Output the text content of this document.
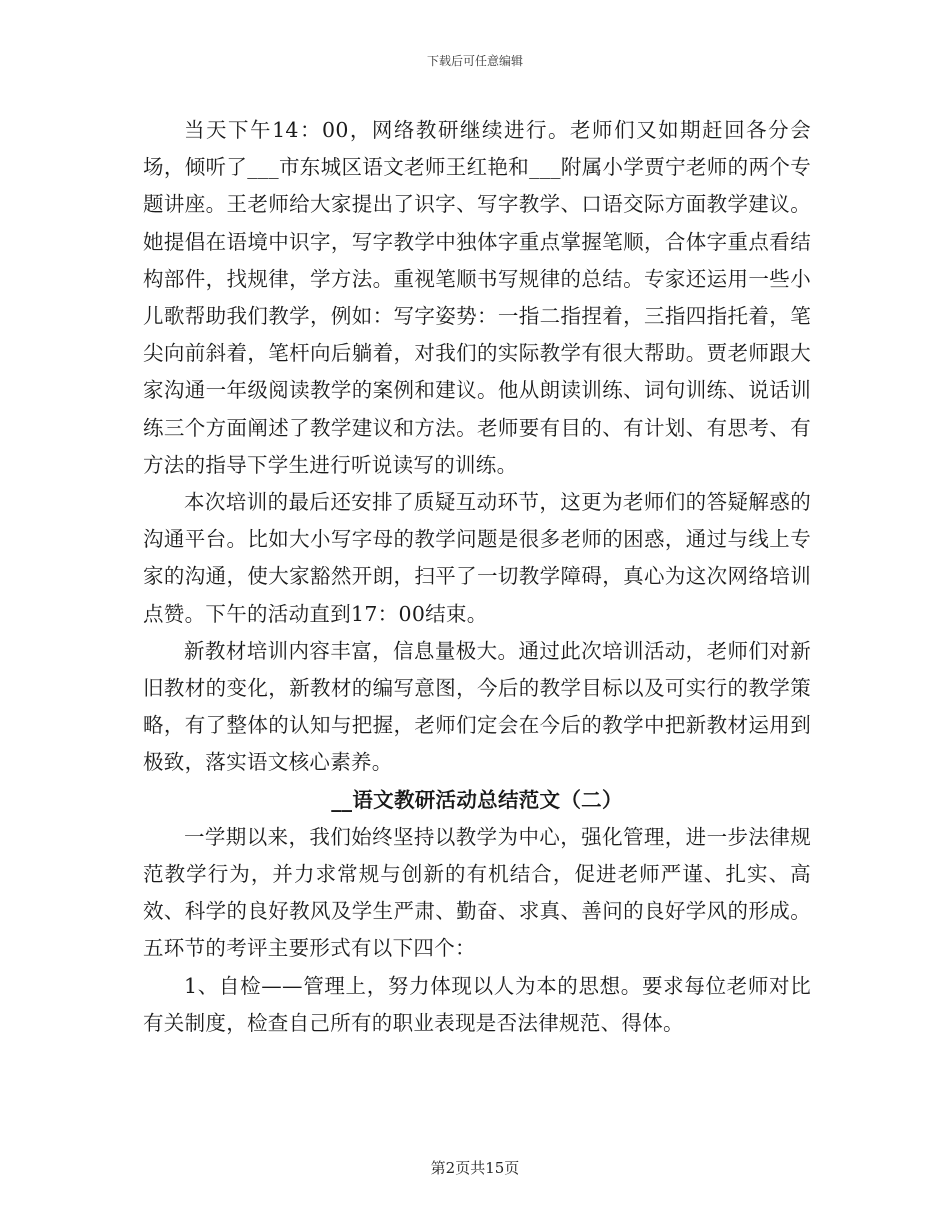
下载后可任意编辑

当天下午14：00，网络教研继续进行。老师们又如期赶回各分会场，倾听了___市东城区语文老师王红艳和___附属小学贾宁老师的两个专题讲座。王老师给大家提出了识字、写字教学、口语交际方面教学建议。她提倡在语境中识字，写字教学中独体字重点掌握笔顺，合体字重点看结构部件，找规律，学方法。重视笔顺书写规律的总结。专家还运用一些小儿歌帮助我们教学，例如：写字姿势：一指二指捏着，三指四指托着，笔尖向前斜着，笔杆向后躺着，对我们的实际教学有很大帮助。贾老师跟大家沟通一年级阅读教学的案例和建议。他从朗读训练、词句训练、说话训练三个方面阐述了教学建议和方法。老师要有目的、有计划、有思考、有方法的指导下学生进行听说读写的训练。

本次培训的最后还安排了质疑互动环节，这更为老师们的答疑解惑的沟通平台。比如大小写字母的教学问题是很多老师的困惑，通过与线上专家的沟通，使大家豁然开朗，扫平了一切教学障碍，真心为这次网络培训点赞。下午的活动直到17：00结束。

新教材培训内容丰富，信息量极大。通过此次培训活动，老师们对新旧教材的变化，新教材的编写意图，今后的教学目标以及可实行的教学策略，有了整体的认知与把握，老师们定会在今后的教学中把新教材运用到极致，落实语文核心素养。

__语文教研活动总结范文（二）

一学期以来，我们始终坚持以教学为中心，强化管理，进一步法律规范教学行为，并力求常规与创新的有机结合，促进老师严谨、扎实、高效、科学的良好教风及学生严肃、勤奋、求真、善问的良好学风的形成。五环节的考评主要形式有以下四个：

1、自检——管理上，努力体现以人为本的思想。要求每位老师对比有关制度，检查自己所有的职业表现是否法律规范、得体。

第2页共15页
